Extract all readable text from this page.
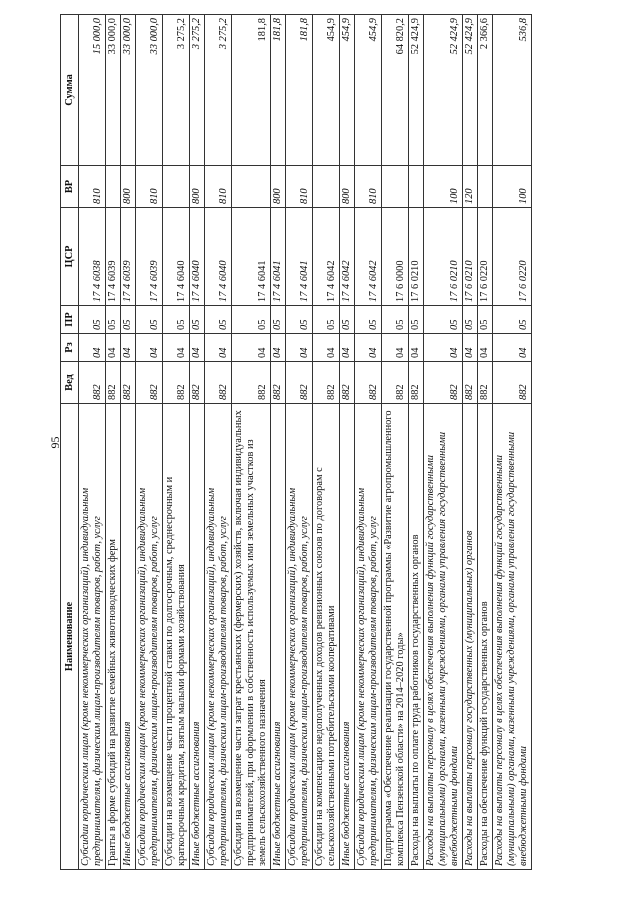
95
Наименование	Вед	Рз	ПР	ЦСР	ВР	Сумма
Субсидии юридическим лицам (кроме некоммерческих организаций), индивидуальным предпринимателям, физическим лицам-производителям товаров, работ, услуг	882	04	05	17 4 6038	810	15 000,0
Гранты в форме субсидий на развитие семейных животноводческих ферм	882	04	05	17 4 6039		33 000,0
Иные бюджетные ассигнования	882	04	05	17 4 6039	800	33 000,0
Субсидии юридическим лицам (кроме некоммерческих организаций), индивидуальным предпринимателям, физическим лицам-производителям товаров, работ, услуг	882	04	05	17 4 6039	810	33 000,0
Субсидии на возмещение части процентной ставки по долгосрочным, среднесрочным и краткосрочным кредитам, взятым малыми формами хозяйствования	882	04	05	17 4 6040		3 275,2
Иные бюджетные ассигнования	882	04	05	17 4 6040	800	3 275,2
Субсидии юридическим лицам (кроме некоммерческих организаций), индивидуальным предпринимателям, физическим лицам-производителям товаров, работ, услуг	882	04	05	17 4 6040	810	3 275,2
Субсидии на возмещение части затрат крестьянских (фермерских) хозяйств, включая индивидуальных предпринимателей, при оформлении в собственность используемых ими земельных участков из земель сельскохозяйственного назначения	882	04	05	17 4 6041		181,8
Иные бюджетные ассигнования	882	04	05	17 4 6041	800	181,8
Субсидии юридическим лицам (кроме некоммерческих организаций), индивидуальным предпринимателям, физическим лицам-производителям товаров, работ, услуг	882	04	05	17 4 6041	810	181,8
Субсидии на компенсацию недополученных доходов ревизионных союзов по договорам с сельскохозяйственными потребительскими кооперативами	882	04	05	17 4 6042		454,9
Иные бюджетные ассигнования	882	04	05	17 4 6042	800	454,9
Субсидии юридическим лицам (кроме некоммерческих организаций), индивидуальным предпринимателям, физическим лицам-производителям товаров, работ, услуг	882	04	05	17 4 6042	810	454,9
Подпрограмма «Обеспечение реализации государственной программы «Развитие агропромышленного комплекса Пензенской области» на 2014–2020 годы»	882	04	05	17 6 0000		64 820,2
Расходы на выплаты по оплате труда работников государственных органов	882	04	05	17 6 0210		52 424,9
Расходы на выплаты персоналу в целях обеспечения выполнения функций государственными (муниципальными) органами, казенными учреждениями, органами управления государственными внебюджетными фондами	882	04	05	17 6 0210	100	52 424,9
Расходы на выплаты персоналу государственных (муниципальных) органов	882	04	05	17 6 0210	120	52 424,9
Расходы на обеспечение функций государственных органов	882	04	05	17 6 0220		2 366,6
Расходы на выплаты персоналу в целях обеспечения выполнения функций государственными (муниципальными) органами, казенными учреждениями, органами управления государственными внебюджетными фондами	882	04	05	17 6 0220	100	536,8
